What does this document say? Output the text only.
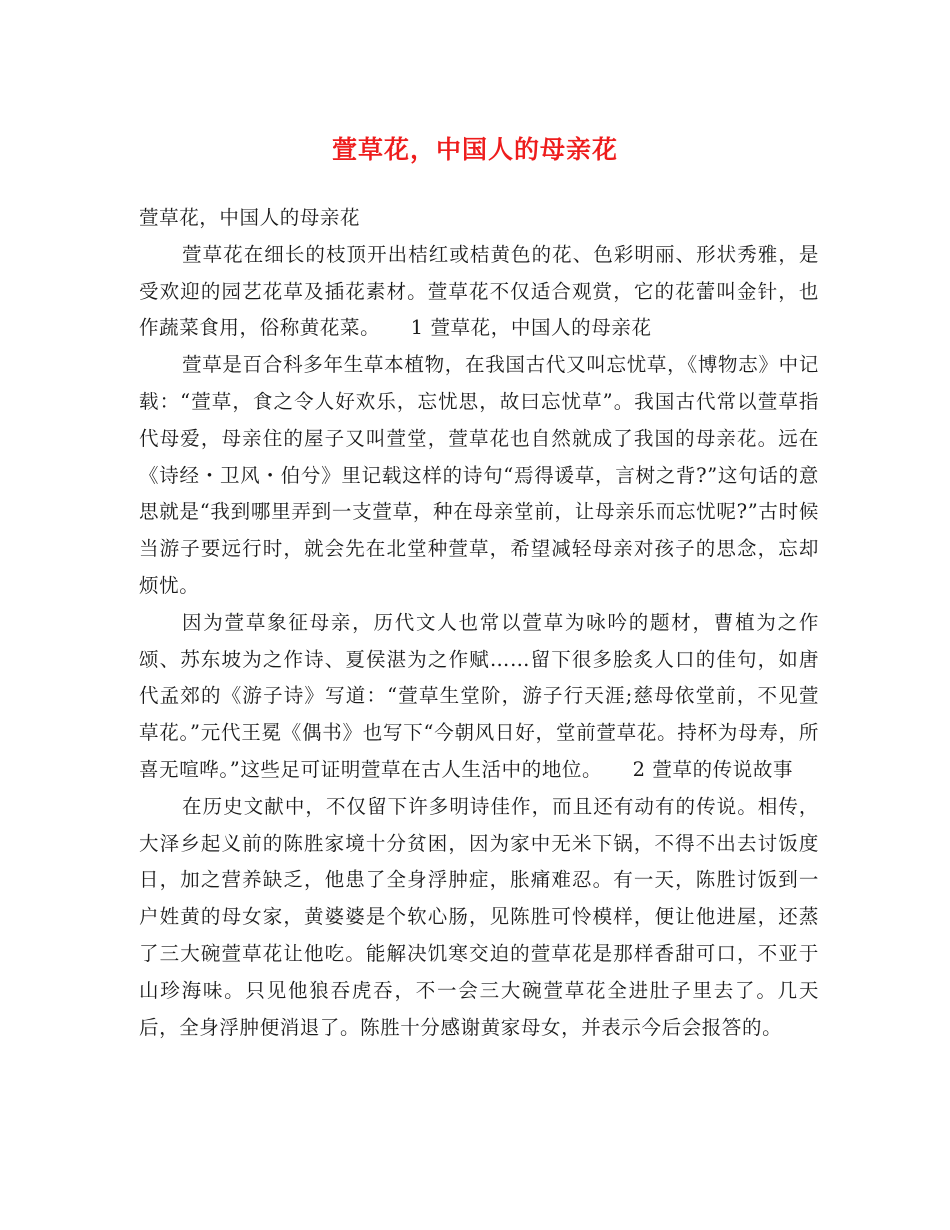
萱草花，中国人的母亲花

萱草花，中国人的母亲花

萱草花在细长的枝顶开出桔红或桔黄色的花、色彩明丽、形状秀雅，是受欢迎的园艺花草及插花素材。萱草花不仅适合观赏，它的花蕾叫金针，也作蔬菜食用，俗称黄花菜。　　1 萱草花，中国人的母亲花

萱草是百合科多年生草本植物，在我国古代又叫忘忧草，《博物志》中记载：“萱草，食之令人好欢乐，忘忧思，故曰忘忧草”。我国古代常以萱草指代母爱，母亲住的屋子又叫萱堂，萱草花也自然就成了我国的母亲花。远在《诗经・卫风・伯兮》里记载这样的诗句“焉得谖草，言树之背?”这句话的意思就是“我到哪里弄到一支萱草，种在母亲堂前，让母亲乐而忘忧呢?”古时候当游子要远行时，就会先在北堂种萱草，希望减轻母亲对孩子的思念，忘却烦忧。

因为萱草象征母亲，历代文人也常以萱草为咏吟的题材，曹植为之作颂、苏东坡为之作诗、夏侯湛为之作赋……留下很多脍炙人口的佳句，如唐代孟郊的《游子诗》写道：“萱草生堂阶，游子行天涯;慈母依堂前，不见萱草花。”元代王冕《偶书》也写下“今朝风日好，堂前萱草花。持杯为母寿，所喜无喧哗。”这些足可证明萱草在古人生活中的地位。　　2 萱草的传说故事

在历史文献中，不仅留下许多明诗佳作，而且还有动有的传说。相传，大泽乡起义前的陈胜家境十分贫困，因为家中无米下锅，不得不出去讨饭度日，加之营养缺乏，他患了全身浮肿症，胀痛难忍。有一天，陈胜讨饭到一户姓黄的母女家，黄婆婆是个软心肠，见陈胜可怜模样，便让他进屋，还蒸了三大碗萱草花让他吃。能解决饥寒交迫的萱草花是那样香甜可口，不亚于山珍海味。只见他狼吞虎吞，不一会三大碗萱草花全进肚子里去了。几天后，全身浮肿便消退了。陈胜十分感谢黄家母女，并表示今后会报答的。
